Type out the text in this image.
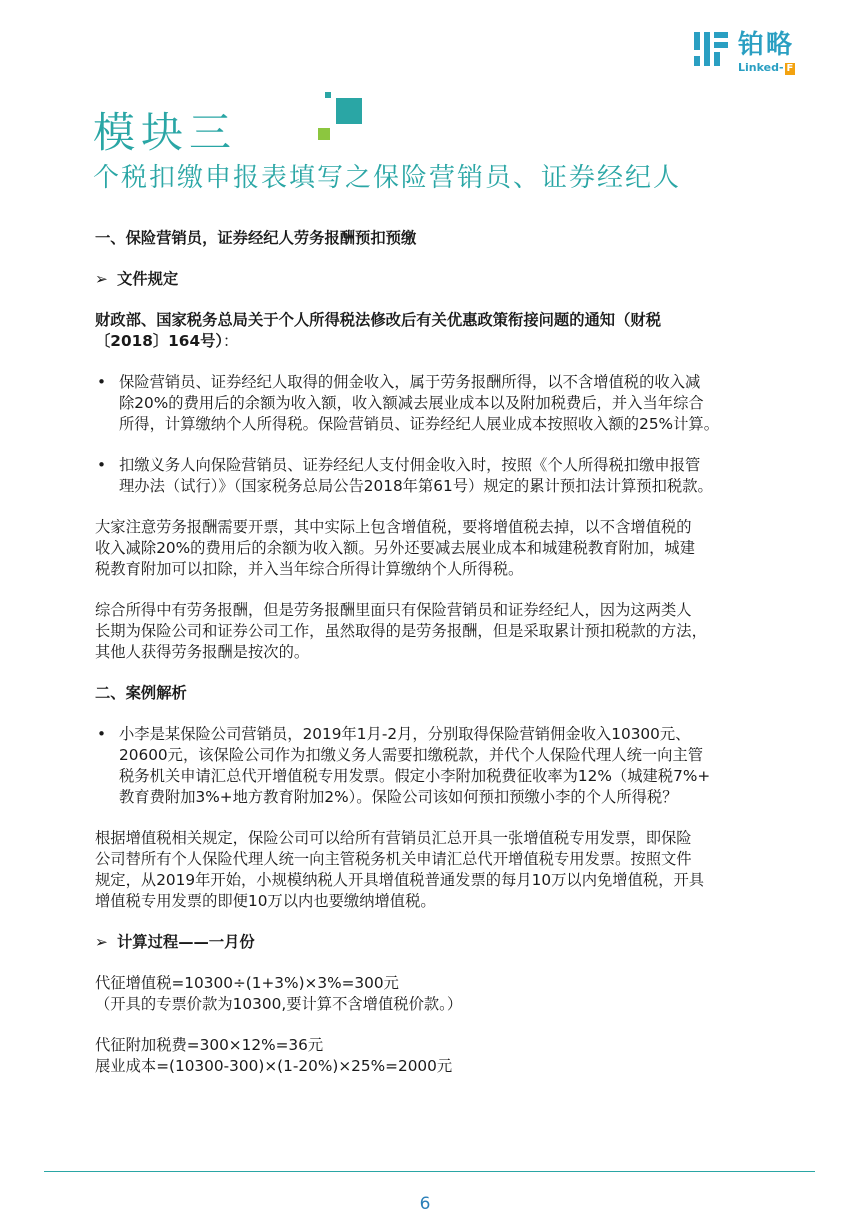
铂略
Linked- F
模块三
个税扣缴申报表填写之保险营销员、证券经纪人

一、保险营销员，证券经纪人劳务报酬预扣预缴

➢ 文件规定

财政部、国家税务总局关于个人所得税法修改后有关优惠政策衔接问题的通知（财税
〔2018〕164号）：

• 保险营销员、证券经纪人取得的佣金收入，属于劳务报酬所得，以不含增值税的收入减

除20%的费用后的余额为收入额，收入额减去展业成本以及附加税费后，并入当年综合

所得，计算缴纳个人所得税。保险营销员、证券经纪人展业成本按照收入额的25%计算。

• 扣缴义务人向保险营销员、证券经纪人支付佣金收入时，按照《个人所得税扣缴申报管

理办法（试行）》（国家税务总局公告2018年第61号）规定的累计预扣法计算预扣税款。

大家注意劳务报酬需要开票，其中实际上包含增值税，要将增值税去掉，以不含增值税的

收入减除20%的费用后的余额为收入额。另外还要减去展业成本和城建税教育附加，城建

税教育附加可以扣除，并入当年综合所得计算缴纳个人所得税。

综合所得中有劳务报酬，但是劳务报酬里面只有保险营销员和证券经纪人，因为这两类人

长期为保险公司和证券公司工作，虽然取得的是劳务报酬，但是采取累计预扣税款的方法，

其他人获得劳务报酬是按次的。

二、案例解析

• 小李是某保险公司营销员，2019年1月-2月，分别取得保险营销佣金收入10300元、

20600元，该保险公司作为扣缴义务人需要扣缴税款，并代个人保险代理人统一向主管

税务机关申请汇总代开增值税专用发票。假定小李附加税费征收率为12%（城建税7%+

教育费附加3%+地方教育附加2%）。保险公司该如何预扣预缴小李的个人所得税？

根据增值税相关规定，保险公司可以给所有营销员汇总开具一张增值税专用发票，即保险

公司替所有个人保险代理人统一向主管税务机关申请汇总代开增值税专用发票。按照文件

规定，从2019年开始，小规模纳税人开具增值税普通发票的每月10万以内免增值税，开具

增值税专用发票的即便10万以内也要缴纳增值税。

➢ 计算过程——一月份

代征增值税=10300÷(1+3%)×3%=300元

（开具的专票价款为10300,要计算不含增值税价款。）

代征附加税费=300×12%=36元

展业成本=(10300-300)×(1-20%)×25%=2000元

6
